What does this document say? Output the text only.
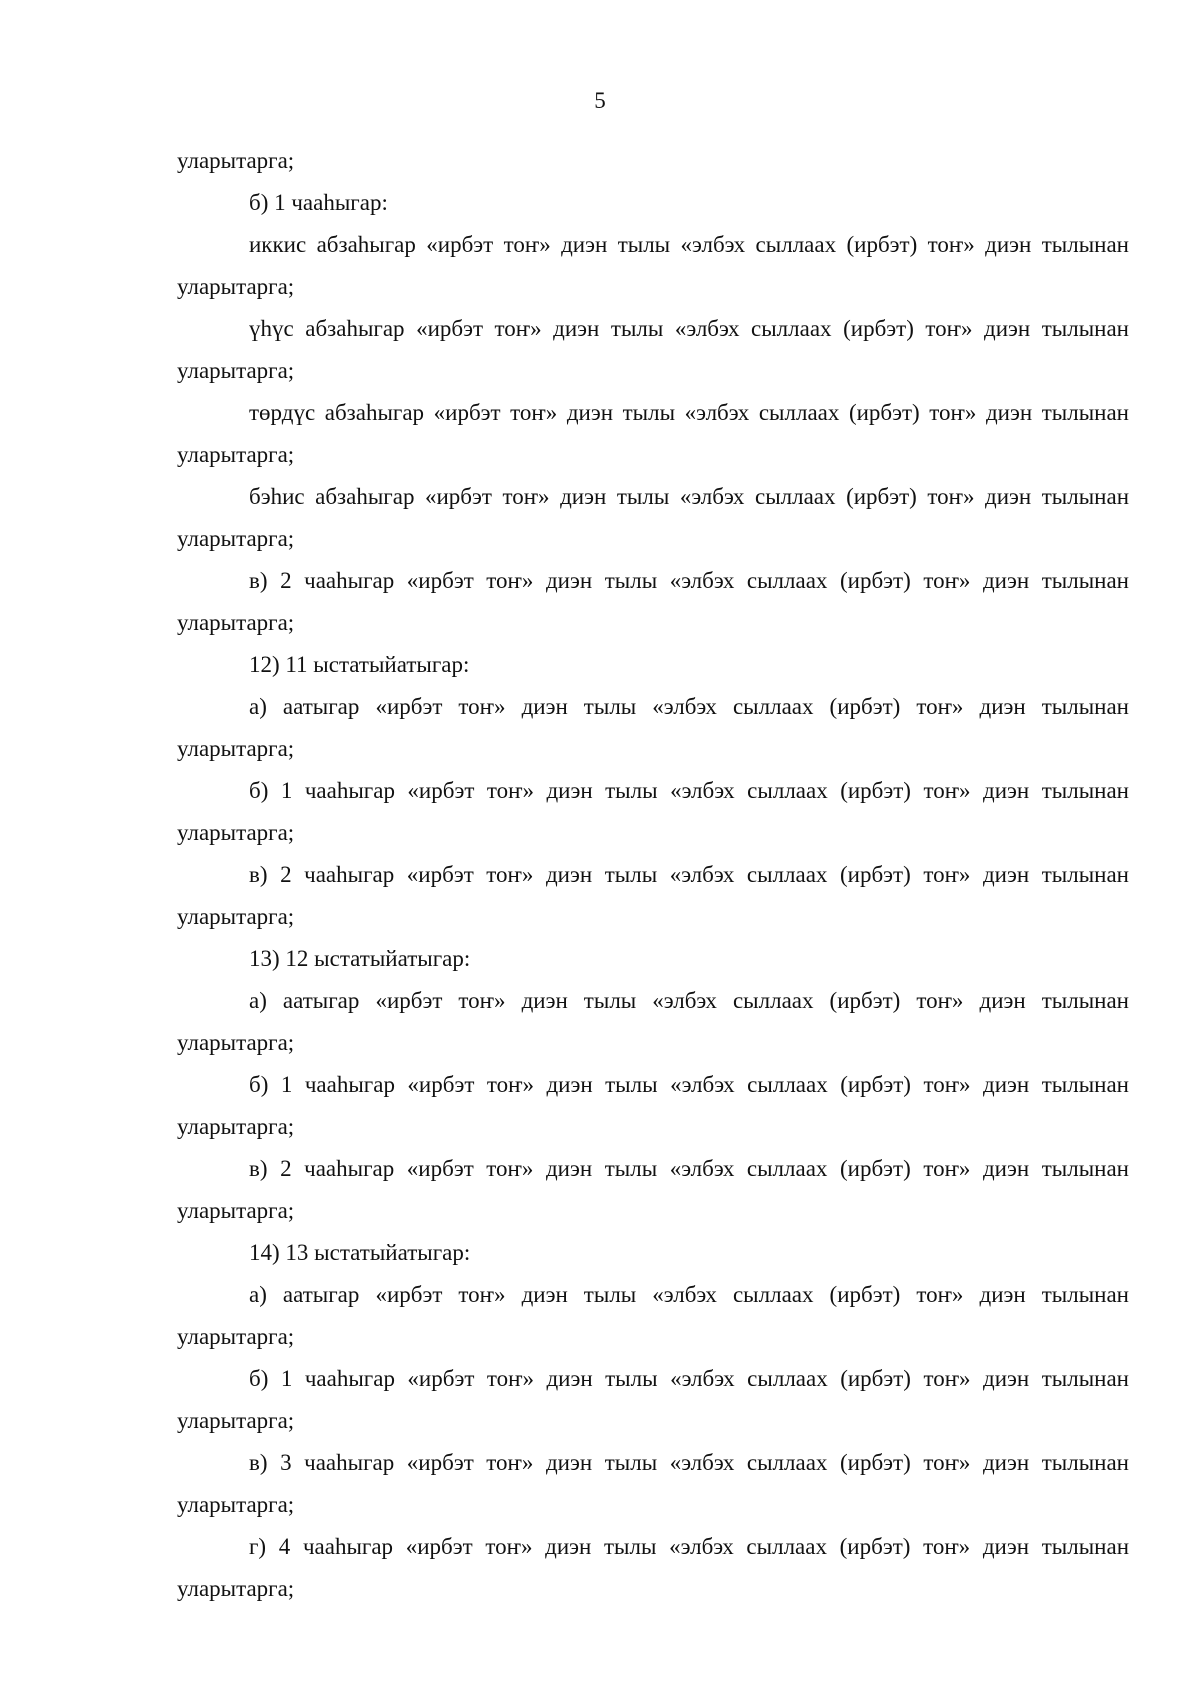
5
уларытарга;
б) 1 чааһыгар:
иккис абзаһыгар «ирбэт тоҥ» диэн тылы «элбэх сыллаах (ирбэт) тоҥ» диэн тылынан
уларытарга;
үһүс абзаһыгар «ирбэт тоҥ» диэн тылы «элбэх сыллаах (ирбэт) тоҥ» диэн тылынан
уларытарга;
төрдүс абзаһыгар «ирбэт тоҥ» диэн тылы «элбэх сыллаах (ирбэт) тоҥ» диэн тылынан
уларытарга;
бэһис абзаһыгар «ирбэт тоҥ» диэн тылы «элбэх сыллаах (ирбэт) тоҥ» диэн тылынан
уларытарга;
в) 2 чааһыгар «ирбэт тоҥ» диэн тылы «элбэх сыллаах (ирбэт) тоҥ» диэн тылынан
уларытарга;
12) 11 ыстатыйатыгар:
а) аатыгар «ирбэт тоҥ» диэн тылы «элбэх сыллаах (ирбэт) тоҥ» диэн тылынан
уларытарга;
б) 1 чааһыгар «ирбэт тоҥ» диэн тылы «элбэх сыллаах (ирбэт) тоҥ» диэн тылынан
уларытарга;
в) 2 чааһыгар «ирбэт тоҥ» диэн тылы «элбэх сыллаах (ирбэт) тоҥ» диэн тылынан
уларытарга;
13) 12 ыстатыйатыгар:
а) аатыгар «ирбэт тоҥ» диэн тылы «элбэх сыллаах (ирбэт) тоҥ» диэн тылынан
уларытарга;
б) 1 чааһыгар «ирбэт тоҥ» диэн тылы «элбэх сыллаах (ирбэт) тоҥ» диэн тылынан
уларытарга;
в) 2 чааһыгар «ирбэт тоҥ» диэн тылы «элбэх сыллаах (ирбэт) тоҥ» диэн тылынан
уларытарга;
14) 13 ыстатыйатыгар:
а) аатыгар «ирбэт тоҥ» диэн тылы «элбэх сыллаах (ирбэт) тоҥ» диэн тылынан
уларытарга;
б) 1 чааһыгар «ирбэт тоҥ» диэн тылы «элбэх сыллаах (ирбэт) тоҥ» диэн тылынан
уларытарга;
в) 3 чааһыгар «ирбэт тоҥ» диэн тылы «элбэх сыллаах (ирбэт) тоҥ» диэн тылынан
уларытарга;
г) 4 чааһыгар «ирбэт тоҥ» диэн тылы «элбэх сыллаах (ирбэт) тоҥ» диэн тылынан
уларытарга;
